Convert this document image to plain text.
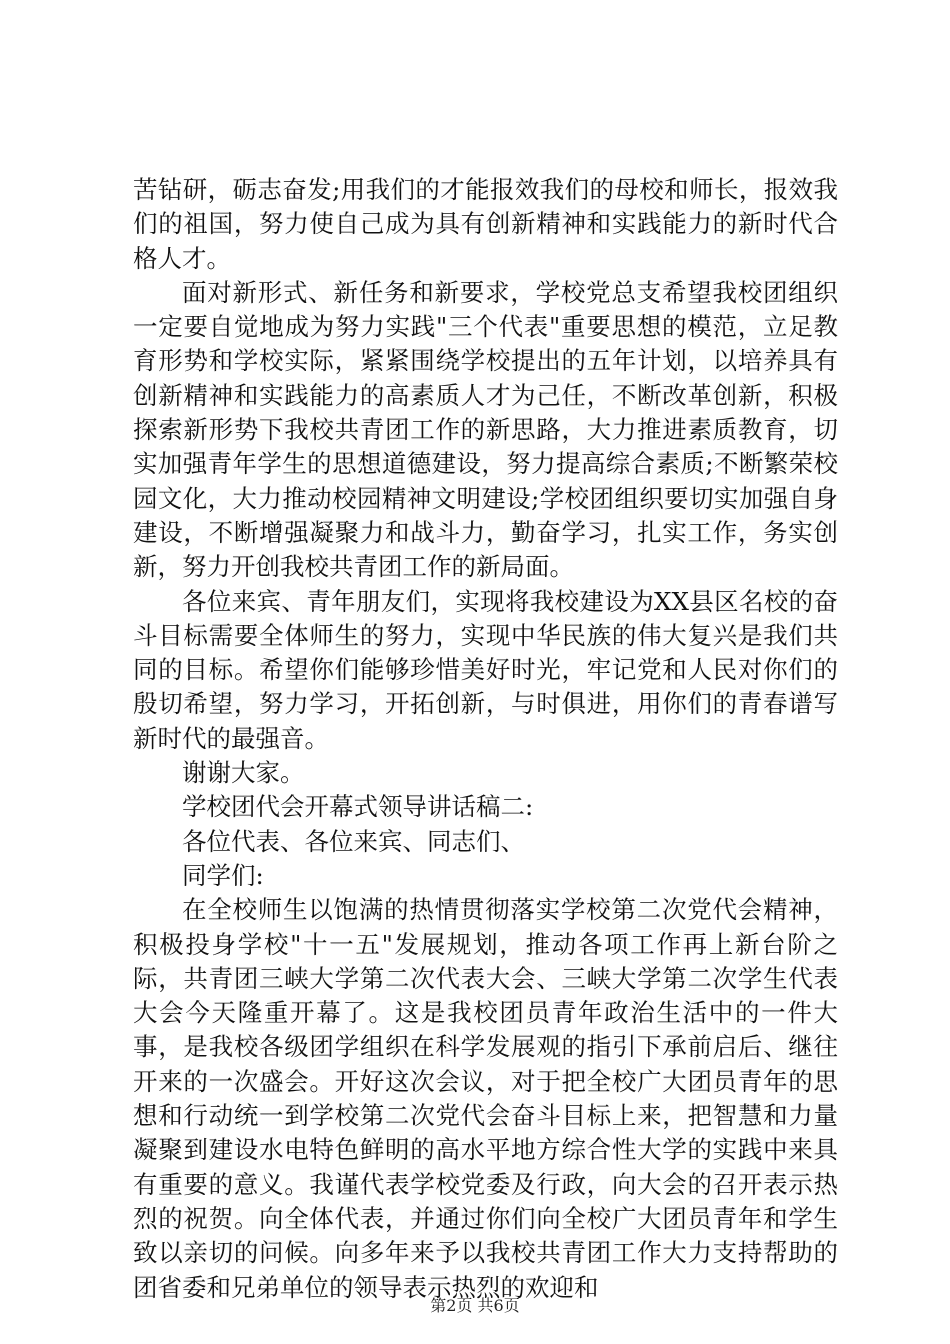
苦钻研，砺志奋发;用我们的才能报效我们的母校和师长，报效我们的祖国，努力使自己成为具有创新精神和实践能力的新时代合格人才。

面对新形式、新任务和新要求，学校党总支希望我校团组织一定要自觉地成为努力实践"三个代表"重要思想的模范，立足教育形势和学校实际，紧紧围绕学校提出的五年计划，以培养具有创新精神和实践能力的高素质人才为己任，不断改革创新，积极探索新形势下我校共青团工作的新思路，大力推进素质教育，切实加强青年学生的思想道德建设，努力提高综合素质;不断繁荣校园文化，大力推动校园精神文明建设;学校团组织要切实加强自身建设，不断增强凝聚力和战斗力，勤奋学习，扎实工作，务实创新，努力开创我校共青团工作的新局面。

各位来宾、青年朋友们，实现将我校建设为XX县区名校的奋斗目标需要全体师生的努力，实现中华民族的伟大复兴是我们共同的目标。希望你们能够珍惜美好时光，牢记党和人民对你们的殷切希望，努力学习，开拓创新，与时俱进，用你们的青春谱写新时代的最强音。

谢谢大家。

学校团代会开幕式领导讲话稿二:

各位代表、各位来宾、同志们、

同学们:

在全校师生以饱满的热情贯彻落实学校第二次党代会精神，积极投身学校"十一五"发展规划，推动各项工作再上新台阶之际，共青团三峡大学第二次代表大会、三峡大学第二次学生代表大会今天隆重开幕了。这是我校团员青年政治生活中的一件大事，是我校各级团学组织在科学发展观的指引下承前启后、继往开来的一次盛会。开好这次会议，对于把全校广大团员青年的思想和行动统一到学校第二次党代会奋斗目标上来，把智慧和力量凝聚到建设水电特色鲜明的高水平地方综合性大学的实践中来具有重要的意义。我谨代表学校党委及行政，向大会的召开表示热烈的祝贺。向全体代表，并通过你们向全校广大团员青年和学生致以亲切的问候。向多年来予以我校共青团工作大力支持帮助的团省委和兄弟单位的领导表示热烈的欢迎和

第2页 共6页
